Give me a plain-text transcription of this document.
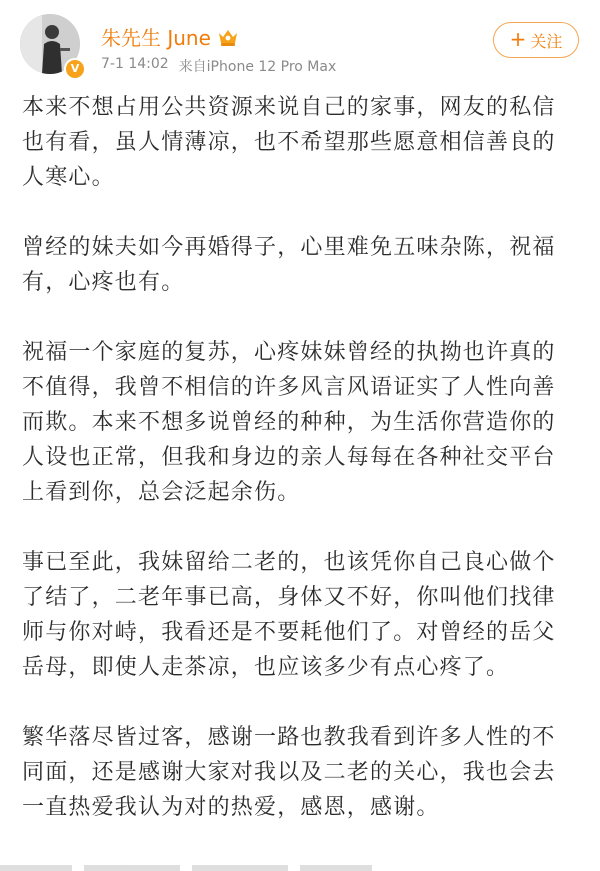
V
朱先生 June
7-1 14:02 来自iPhone 12 Pro Max
+ 关注

本来不想占用公共资源来说自己的家事，网友的私信也有看，虽人情薄凉，也不希望那些愿意相信善良的人寒心。

曾经的妹夫如今再婚得子，心里难免五味杂陈，祝福有，心疼也有。

祝福一个家庭的复苏，心疼妹妹曾经的执拗也许真的不值得，我曾不相信的许多风言风语证实了人性向善而欺。本来不想多说曾经的种种，为生活你营造你的人设也正常，但我和身边的亲人每每在各种社交平台上看到你，总会泛起余伤。

事已至此，我妹留给二老的，也该凭你自己良心做个了结了，二老年事已高，身体又不好，你叫他们找律师与你对峙，我看还是不要耗他们了。对曾经的岳父岳母，即使人走茶凉，也应该多少有点心疼了。

繁华落尽皆过客，感谢一路也教我看到许多人性的不同面，还是感谢大家对我以及二老的关心，我也会去一直热爱我认为对的热爱，感恩，感谢。
